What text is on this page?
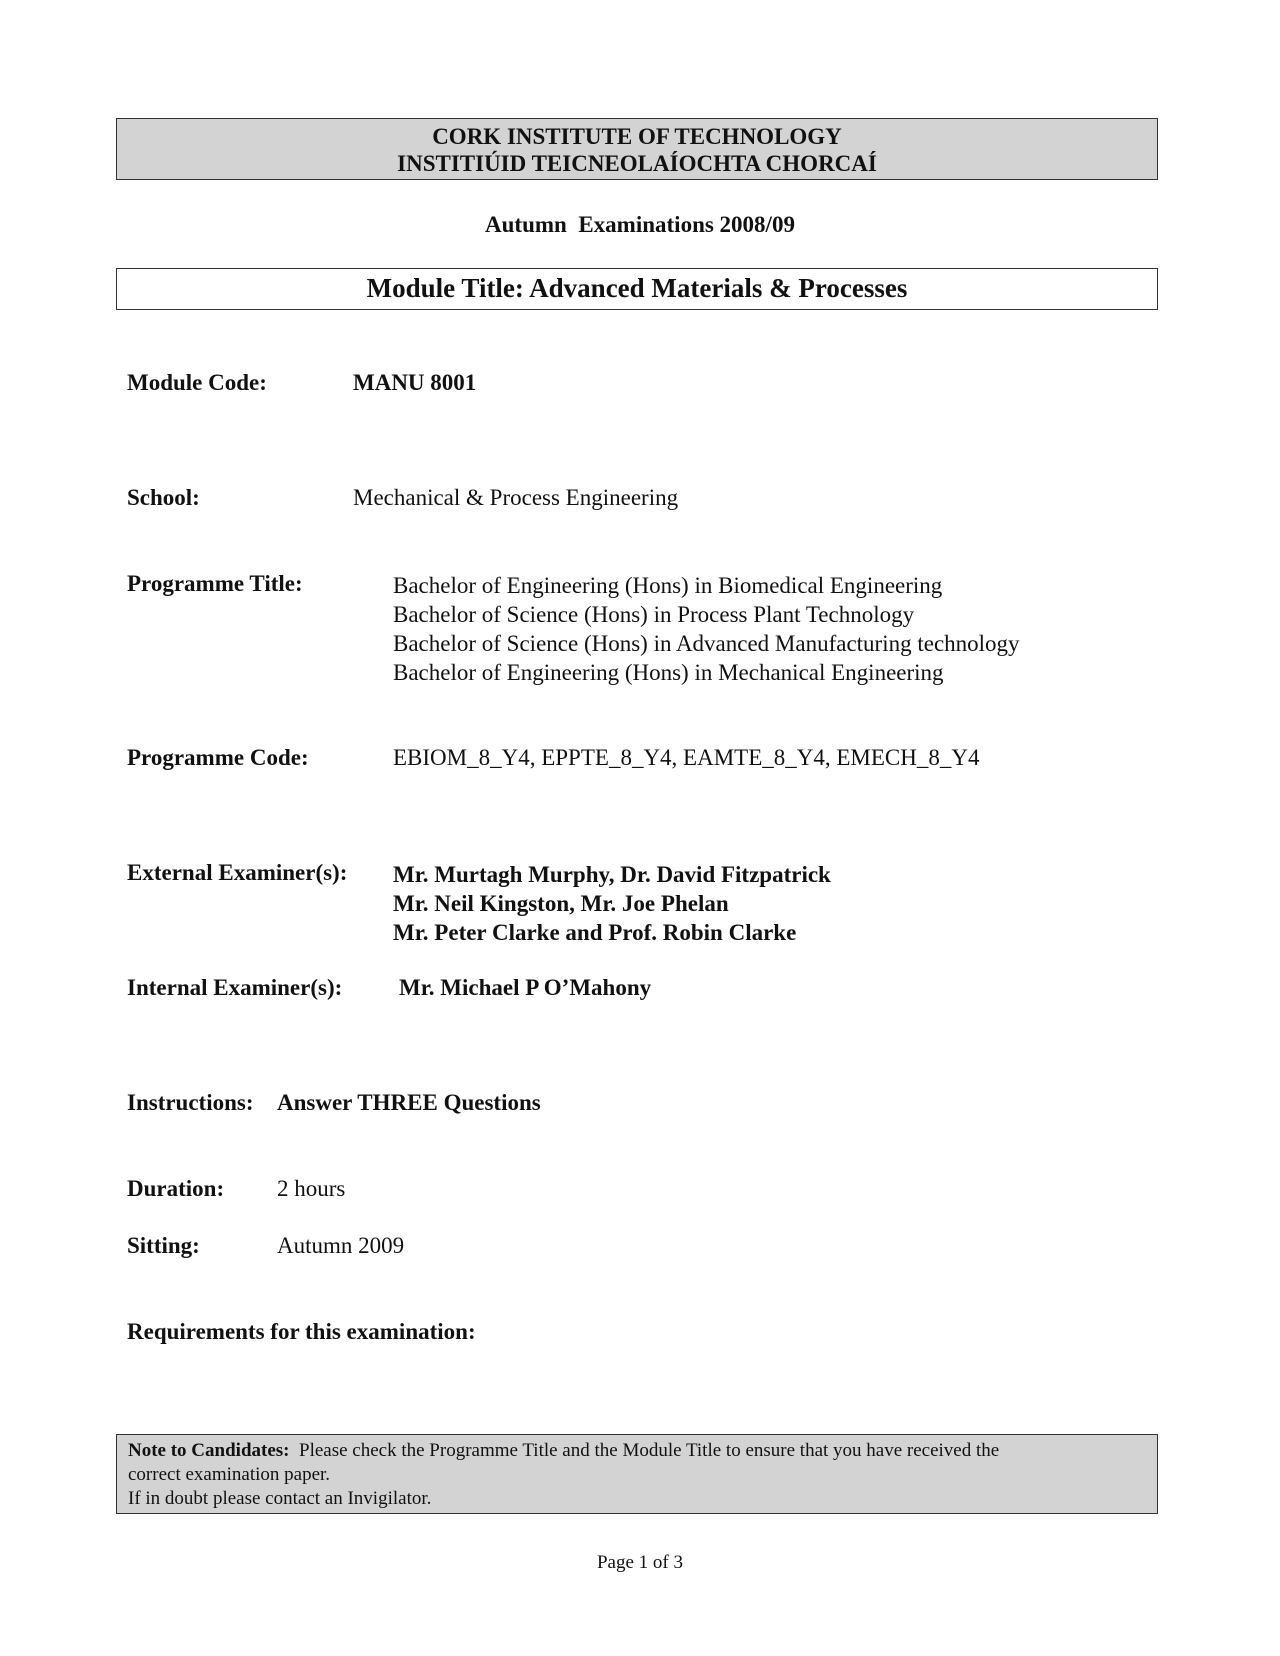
CORK INSTITUTE OF TECHNOLOGY
INSTITIÚID TEICNEOLAÍOCHTA CHORCAÍ
Autumn  Examinations 2008/09
Module Title: Advanced Materials & Processes
Module Code:	MANU 8001
School:	Mechanical & Process Engineering
Programme Title:	Bachelor of Engineering (Hons) in Biomedical Engineering
Bachelor of Science (Hons) in Process Plant Technology
Bachelor of Science (Hons) in Advanced Manufacturing technology
Bachelor of Engineering (Hons) in Mechanical Engineering
Programme Code:	EBIOM_8_Y4, EPPTE_8_Y4, EAMTE_8_Y4, EMECH_8_Y4
External Examiner(s): Mr. Murtagh Murphy, Dr. David Fitzpatrick
Mr. Neil Kingston, Mr. Joe Phelan
Mr. Peter Clarke and Prof. Robin Clarke
Internal Examiner(s): Mr. Michael P O’Mahony
Instructions: Answer THREE Questions
Duration: 2 hours
Sitting:	Autumn 2009
Requirements for this examination:
Note to Candidates: Please check the Programme Title and the Module Title to ensure that you have received the
correct examination paper.
If in doubt please contact an Invigilator.
Page 1 of 3
